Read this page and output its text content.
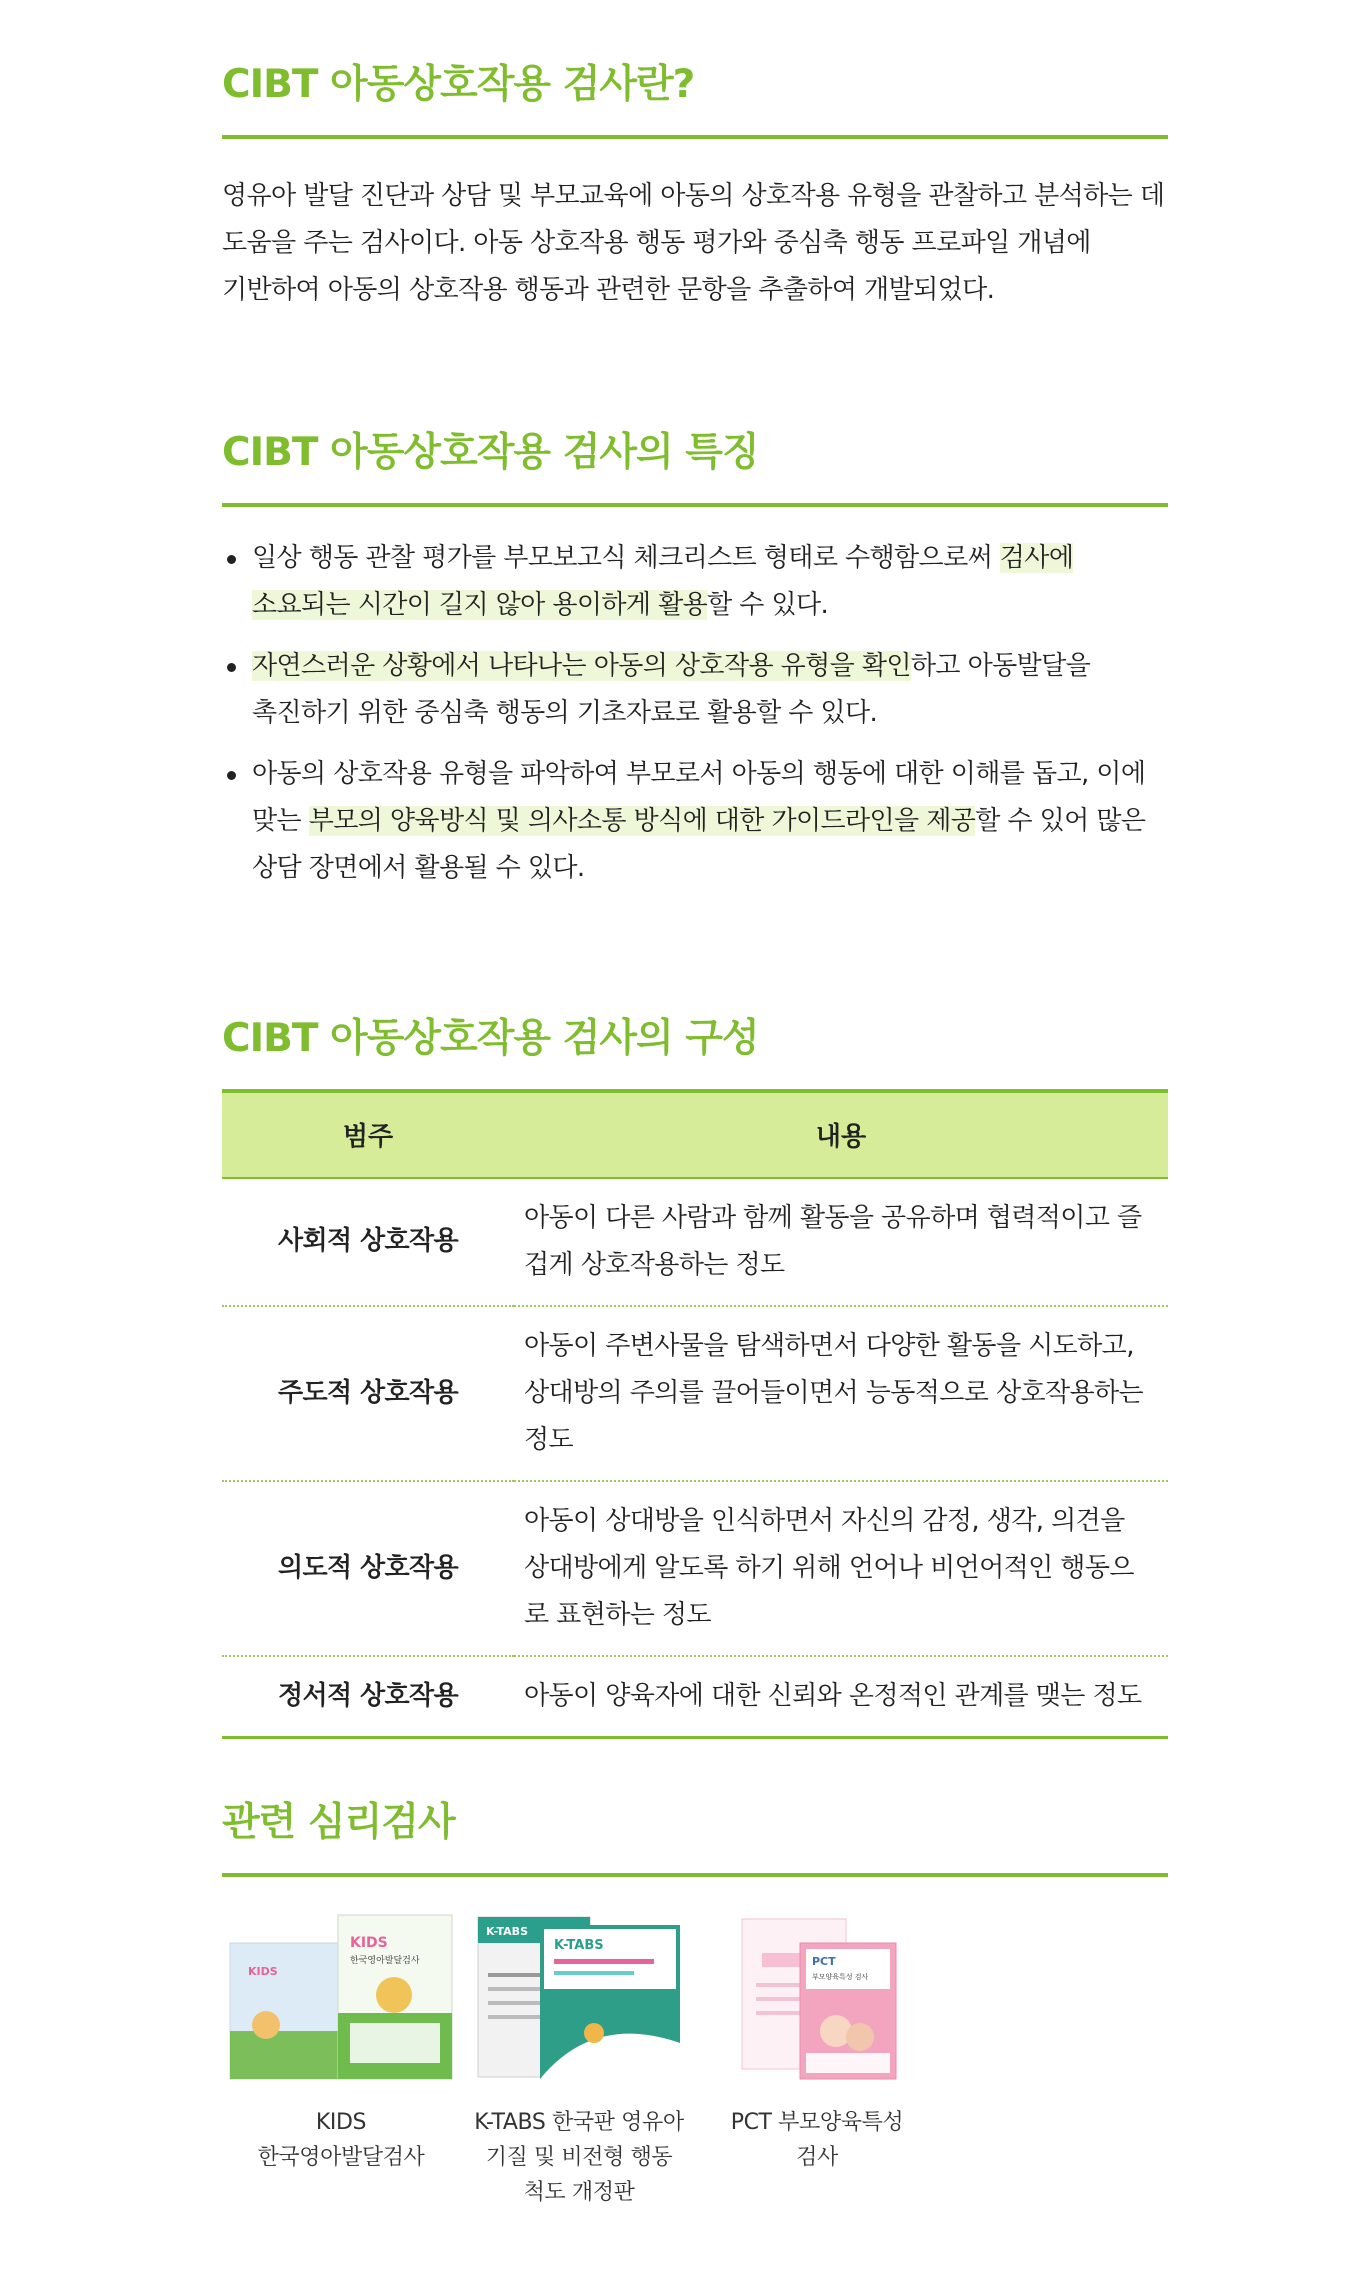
CIBT 아동상호작용 검사란?

영유아 발달 진단과 상담 및 부모교육에 아동의 상호작용 유형을 관찰하고 분석하는 데
도움을 주는 검사이다. 아동 상호작용 행동 평가와 중심축 행동 프로파일 개념에
기반하여 아동의 상호작용 행동과 관련한 문항을 추출하여 개발되었다.

CIBT 아동상호작용 검사의 특징
일상 행동 관찰 평가를 부모보고식 체크리스트 형태로 수행함으로써 검사에
소요되는 시간이 길지 않아 용이하게 활용할 수 있다.
자연스러운 상황에서 나타나는 아동의 상호작용 유형을 확인하고 아동발달을
촉진하기 위한 중심축 행동의 기초자료로 활용할 수 있다.
아동의 상호작용 유형을 파악하여 부모로서 아동의 행동에 대한 이해를 돕고, 이에
맞는 부모의 양육방식 및 의사소통 방식에 대한 가이드라인을 제공할 수 있어 많은
상담 장면에서 활용될 수 있다.
CIBT 아동상호작용 검사의 구성
범주	내용
사회적 상호작용	아동이 다른 사람과 함께 활동을 공유하며 협력적이고 즐
겁게 상호작용하는 정도
주도적 상호작용	아동이 주변사물을 탐색하면서 다양한 활동을 시도하고,
상대방의 주의를 끌어들이면서 능동적으로 상호작용하는
정도
의도적 상호작용	아동이 상대방을 인식하면서 자신의 감정, 생각, 의견을
상대방에게 알도록 하기 위해 언어나 비언어적인 행동으
로 표현하는 정도
정서적 상호작용	아동이 양육자에 대한 신뢰와 온정적인 관계를 맺는 정도
관련 심리검사
KIDS
KIDS
한국영아발달검사
KIDS
한국영아발달검사
K-TABS
K-TABS
K-TABS 한국판 영유아
기질 및 비전형 행동
척도 개정판
PCT
부모양육특성 검사
PCT 부모양육특성
검사
